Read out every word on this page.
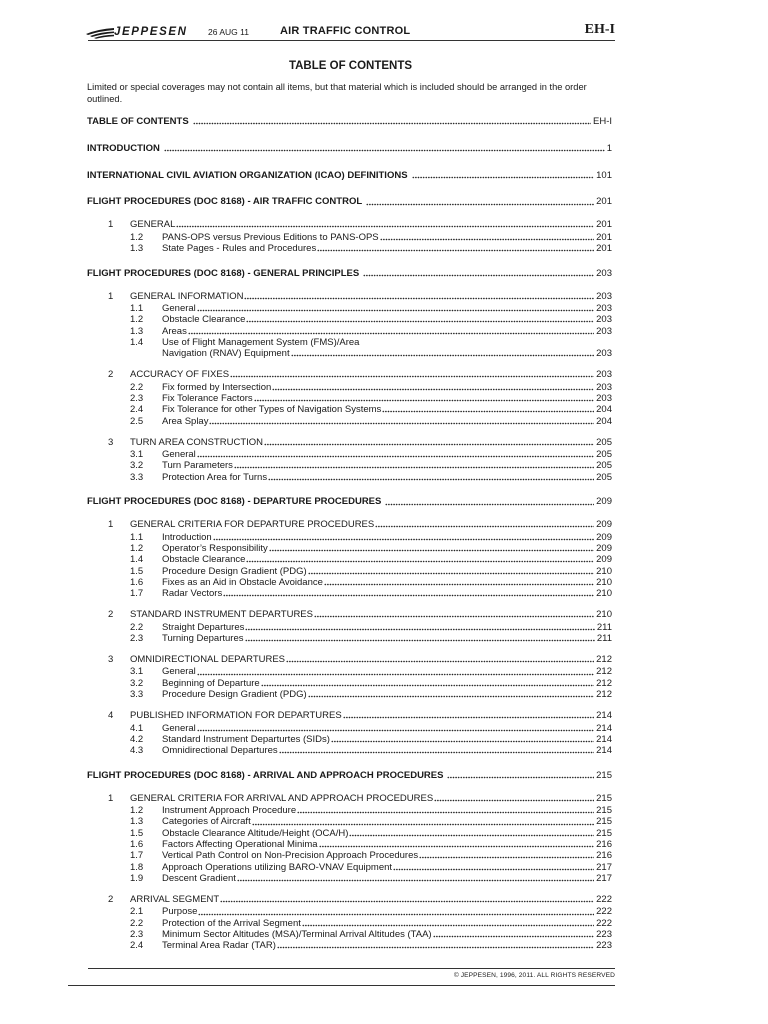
JEPPESEN 26 AUG 11	AIR TRAFFIC CONTROL	EH-I
TABLE OF CONTENTS
Limited or special coverages may not contain all items, but that material which is included should be arranged in the order outlined.
TABLE OF CONTENTS	EH-I
INTRODUCTION	1
INTERNATIONAL CIVIL AVIATION ORGANIZATION (ICAO) DEFINITIONS	101
FLIGHT PROCEDURES (DOC 8168) - AIR TRAFFIC CONTROL	201
1	GENERAL	201
1.2	PANS-OPS versus Previous Editions to PANS-OPS	201
1.3	State Pages - Rules and Procedures	201
FLIGHT PROCEDURES (DOC 8168) - GENERAL PRINCIPLES	203
1	GENERAL INFORMATION	203
1.1	General	203
1.2	Obstacle Clearance	203
1.3	Areas	203
1.4	Use of Flight Management System (FMS)/Area
Navigation (RNAV) Equipment	203
2	ACCURACY OF FIXES	203
2.2	Fix formed by Intersection	203
2.3	Fix Tolerance Factors	203
2.4	Fix Tolerance for other Types of Navigation Systems	204
2.5	Area Splay	204
3	TURN AREA CONSTRUCTION	205
3.1	General	205
3.2	Turn Parameters	205
3.3	Protection Area for Turns	205
FLIGHT PROCEDURES (DOC 8168) - DEPARTURE PROCEDURES	209
1	GENERAL CRITERIA FOR DEPARTURE PROCEDURES	209
1.1	Introduction	209
1.2	Operator’s Responsibility	209
1.4	Obstacle Clearance	209
1.5	Procedure Design Gradient (PDG)	210
1.6	Fixes as an Aid in Obstacle Avoidance	210
1.7	Radar Vectors	210
2	STANDARD INSTRUMENT DEPARTURES	210
2.2	Straight Departures	211
2.3	Turning Departures	211
3	OMNIDIRECTIONAL DEPARTURES	212
3.1	General	212
3.2	Beginning of Departure	212
3.3	Procedure Design Gradient (PDG)	212
4	PUBLISHED INFORMATION FOR DEPARTURES	214
4.1	General	214
4.2	Standard Instrument Departurtes (SIDs)	214
4.3	Omnidirectional Departures	214
FLIGHT PROCEDURES (DOC 8168) - ARRIVAL AND APPROACH PROCEDURES	215
1	GENERAL CRITERIA FOR ARRIVAL AND APPROACH PROCEDURES	215
1.2	Instrument Approach Procedure	215
1.3	Categories of Aircraft	215
1.5	Obstacle Clearance Altitude/Height (OCA/H)	215
1.6	Factors Affecting Operational Minima	216
1.7	Vertical Path Control on Non-Precision Approach Procedures	216
1.8	Approach Operations utilizing BARO-VNAV Equipment	217
1.9	Descent Gradient	217
2	ARRIVAL SEGMENT	222
2.1	Purpose	222
2.2	Protection of the Arrival Segment	222
2.3	Minimum Sector Altitudes (MSA)/Terminal Arrival Altitudes (TAA)	223
2.4	Terminal Area Radar (TAR)	223
© JEPPESEN, 1996, 2011. ALL RIGHTS RESERVED
